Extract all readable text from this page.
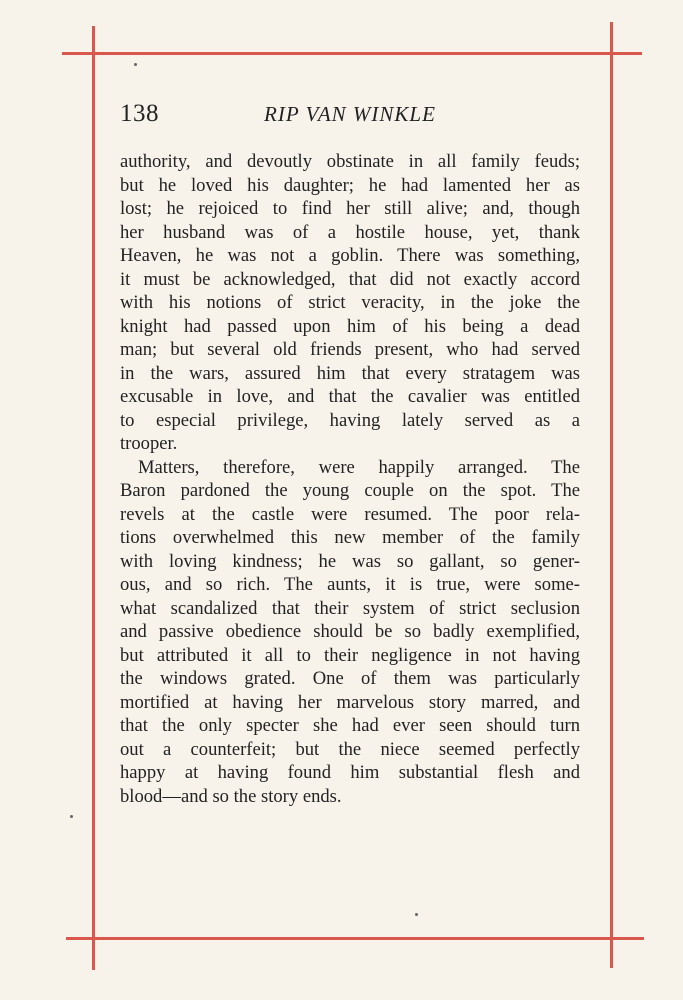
138	RIP VAN WINKLE
authority, and devoutly obstinate in all family feuds;
but he loved his daughter; he had lamented her as
lost; he rejoiced to find her still alive; and, though
her husband was of a hostile house, yet, thank
Heaven, he was not a goblin. There was something,
it must be acknowledged, that did not exactly accord
with his notions of strict veracity, in the joke the
knight had passed upon him of his being a dead
man; but several old friends present, who had served
in the wars, assured him that every stratagem was
excusable in love, and that the cavalier was entitled
to especial privilege, having lately served as a
trooper.
Matters, therefore, were happily arranged. The
Baron pardoned the young couple on the spot. The
revels at the castle were resumed. The poor rela-
tions overwhelmed this new member of the family
with loving kindness; he was so gallant, so gener-
ous, and so rich. The aunts, it is true, were some-
what scandalized that their system of strict seclusion
and passive obedience should be so badly exemplified,
but attributed it all to their negligence in not having
the windows grated. One of them was particularly
mortified at having her marvelous story marred, and
that the only specter she had ever seen should turn
out a counterfeit; but the niece seemed perfectly
happy at having found him substantial flesh and
blood—and so the story ends.
